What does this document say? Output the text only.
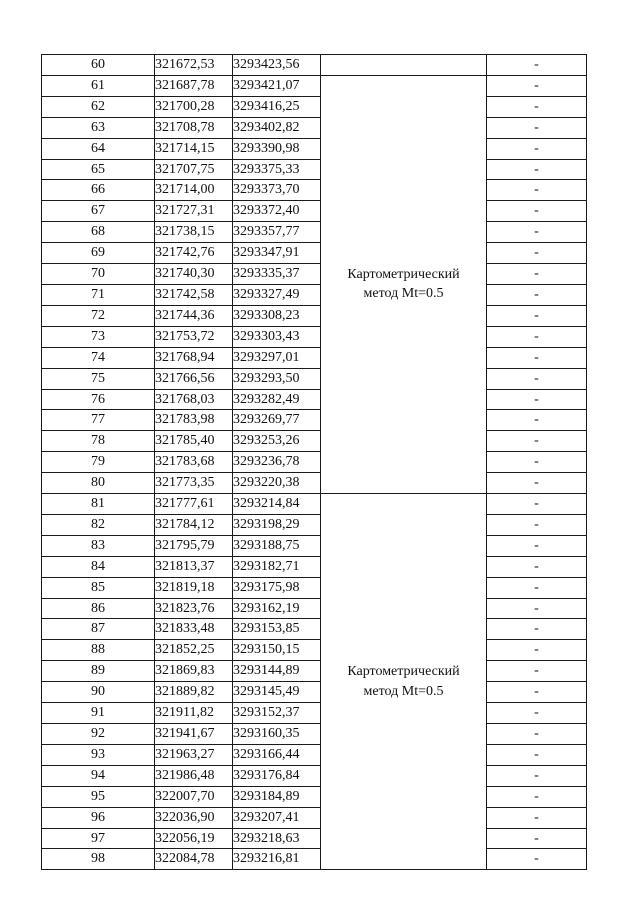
60	321672,53	3293423,56		-
61	321687,78	3293421,07	Картометрический
метод Mt=0.5	-
62	321700,28	3293416,25		-
63	321708,78	3293402,82		-
64	321714,15	3293390,98		-
65	321707,75	3293375,33		-
66	321714,00	3293373,70		-
67	321727,31	3293372,40		-
68	321738,15	3293357,77		-
69	321742,76	3293347,91		-
70	321740,30	3293335,37		-
71	321742,58	3293327,49		-
72	321744,36	3293308,23		-
73	321753,72	3293303,43		-
74	321768,94	3293297,01		-
75	321766,56	3293293,50		-
76	321768,03	3293282,49		-
77	321783,98	3293269,77		-
78	321785,40	3293253,26		-
79	321783,68	3293236,78		-
80	321773,35	3293220,38		-
81	321777,61	3293214,84	Картометрический
метод Mt=0.5	-
82	321784,12	3293198,29		-
83	321795,79	3293188,75		-
84	321813,37	3293182,71		-
85	321819,18	3293175,98		-
86	321823,76	3293162,19		-
87	321833,48	3293153,85		-
88	321852,25	3293150,15		-
89	321869,83	3293144,89		-
90	321889,82	3293145,49		-
91	321911,82	3293152,37		-
92	321941,67	3293160,35		-
93	321963,27	3293166,44		-
94	321986,48	3293176,84		-
95	322007,70	3293184,89		-
96	322036,90	3293207,41		-
97	322056,19	3293218,63		-
98	322084,78	3293216,81		-
